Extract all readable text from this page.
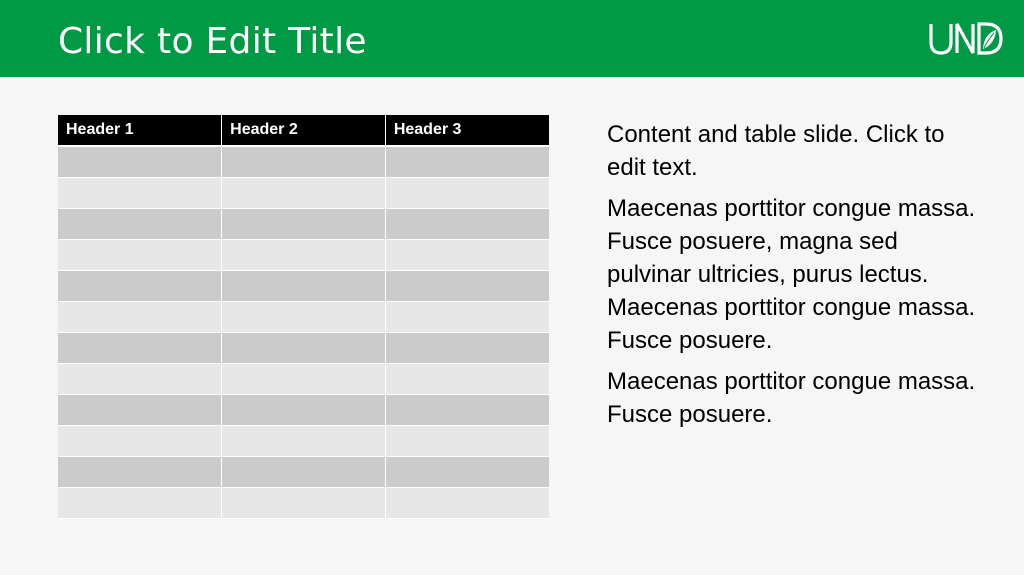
Click to Edit Title
Header 1	Header 2	Header 3

			Content and table slide. Click to edit text.

Maecenas porttitor congue massa. Fusce posuere, magna sed pulvinar ultricies, purus lectus. Maecenas porttitor congue massa. Fusce posuere.

Maecenas porttitor congue massa. Fusce posuere.
